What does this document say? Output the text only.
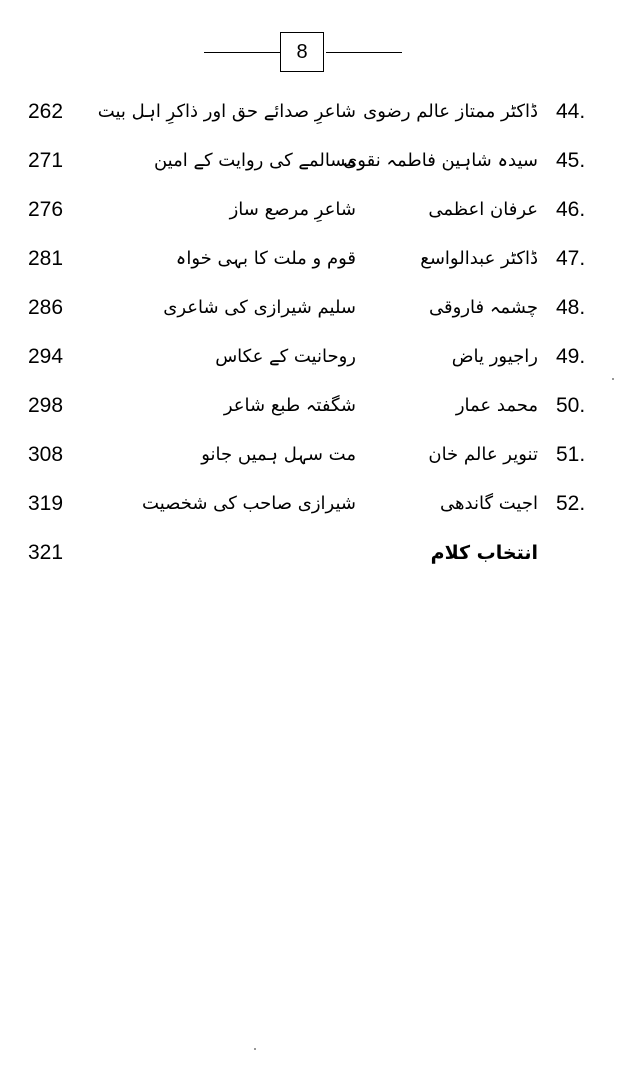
8
44.
ڈاکٹر ممتاز عالم رضوی
شاعرِ صدائے حق اور ذاکرِ اہل بیت
262
45.
سیدہ شاہین فاطمہ نقوی
مسالمے کی روایت کے امین
271
46.
عرفان اعظمی
شاعرِ مرصع ساز
276
47.
ڈاکٹر عبدالواسع
قوم و ملت کا بہی خواہ
281
48.
چشمہ فاروقی
سلیم شیرازی کی شاعری
286
49.
راجیور یاض
روحانیت کے عکاس
294
50.
محمد عمار
شگفتہ طبع شاعر
298
51.
تنویر عالم خان
مت سہل ہمیں جانو
308
52.
اجیت گاندھی
شیرازی صاحب کی شخصیت
319
انتخاب کلام
321
